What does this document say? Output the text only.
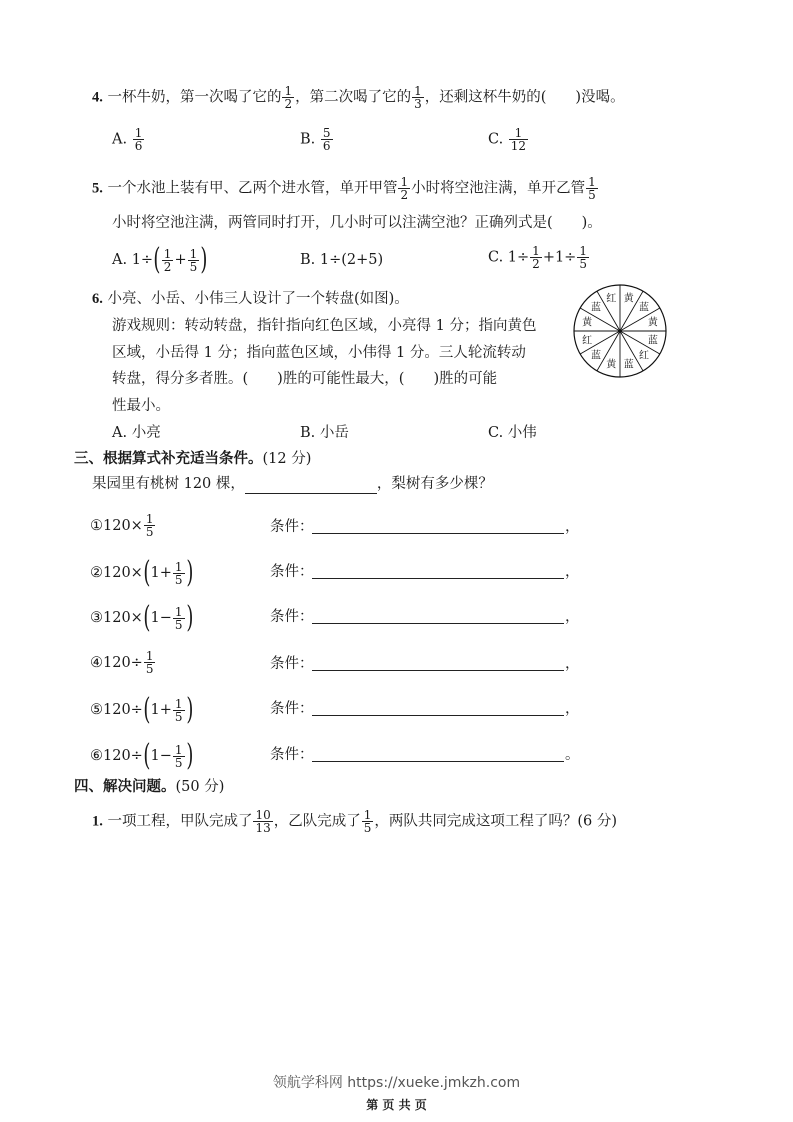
4. 一杯牛奶，第一次喝了它的 $\frac{1}{2}$ ，第二次喝了它的 $\frac{1}{3}$ ，还剩这杯牛奶的(　　)没喝。
A. $\frac{1}{6}$	B. $\frac{5}{6}$	C. $\frac{1}{12}$
5. 一个水池上装有甲、乙两个进水管，单开甲管 $\frac{1}{2}$ 小时将空池注满，单开乙管 $\frac{1}{5}$
小时将空池注满，两管同时打开，几小时可以注满空池？正确列式是(　　)。
A. $1\div( \frac{1}{2} + \frac{1}{5}$ )	B. 1÷(2+5)	C. $1\div \frac{1}{2} +1\div \frac{1}{5}$
6. 小亮、小岳、小伟三人设计了一个转盘(如图)。
游戏规则：转动转盘，指针指向红色区域，小亮得 1 分；指向黄色
区域，小岳得 1 分；指向蓝色区域，小伟得 1 分。三人轮流转动
转盘，得分多者胜。(　　)胜的可能性最大，(　　)胜的可能
性最小。
A. 小亮	B. 小岳	C. 小伟
黄
蓝
黄
蓝
红
蓝
黄
蓝
红
黄
蓝
红
三、根据算式补充适当条件。(12 分)
果园里有桃树 120 棵，	，梨树有多少棵？
①120× $\frac{1}{5}$	条件：	，
②120×(1+ $\frac{1}{5}$ )	条件：	，
③120×(1− $\frac{1}{5}$ )	条件：	，
④120÷ $\frac{1}{5}$	条件：	，
⑤120÷(1+ $\frac{1}{5}$ )	条件：	，
⑥120÷(1− $\frac{1}{5}$ )	条件：	。
四、解决问题。(50 分)
1. 一项工程，甲队完成了 $\frac{10}{13}$ ，乙队完成了 $\frac{1}{5}$ ，两队共同完成这项工程了吗？(6 分)
领航学科网 https://xueke.jmkzh.com
第 页 共 页
